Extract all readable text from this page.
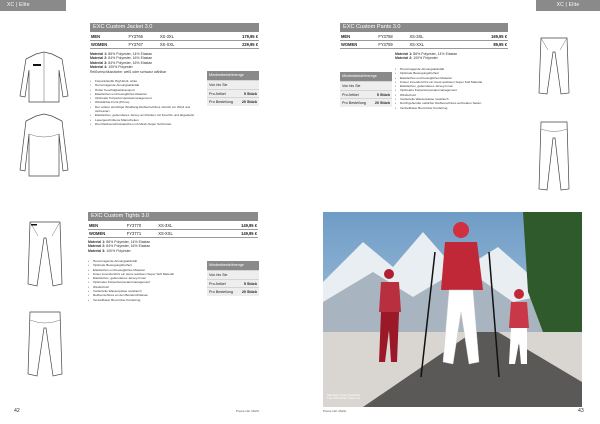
XC | Elite	XC | Elite
EXC Custom Jacket 3.0
MEN	FY3766	XS-3XL	179,95 €
WOMEN	FY3767	XS-XXL	229,95 €
Material 1: 86% Polyester, 14% Elastan
Material 2: 84% Polyester, 16% Elastan
Material 3: 84% Polyester, 16% Elastan
Material 4: 100% Polyester
Reißverschlussfarbe: weiß oder schwarz wählbar
• Fixpunktstoffe High Einlt. wirke
• Hervorragende Atmungsaktivität
• Hoher Feuchtigkeitstransport
• Elastisches und bewegliches Material
• Optimaler Körpertemperaturmanagement
• Winddichte Front (Primo)
• Der vollere stretchige Windfang-Reißverschluss schützt vor Wind und verbessert
• Elastisches, gebundenes Jersey am Rücken mit Feuchte und abgedeckt
• Lasergeschnittene Manschetten
• Drei Reißverschlusstaschen mit Mesh-Super Soft Futter
Mindestbestellmenge
Von bis Sie
Pro Artikel	5 Stück
Pro Bestellung 20 Stück
EXC Custom Tights 3.0
MEN	FY3770	XS-3XL	149,95 €
WOMEN	FY3771	XS-XXL	149,95 €
Material 1: 86% Polyester, 14% Elastan
Material 2: 84% Polyester, 16% Elastan
Material 3: 100% Polyester
• Hervorragende Atmungsaktivität
• Optimale Bewegungsfreiheit
• Elastisches und bewegliches Material
• Kniee innendurchzs ein Guss auslösen Super Soft Material
• Elastisches, gebundenes Jersey-Innen
• Optimales Körpertemperaturmanagement
• Windschutz
• Vorderteile Wasserpasse rausbiech
• Reißverschluss an den Beindurchlässen
• Verstellbarer Bund über Kordelzug
Mindestbestellmenge
Von bis Sie
Pro Artikel	5 Stück
Pro Bestellung 20 Stück
EXC Custom Pants 3.0
MEN	FY3758	XS-3XL	169,95 €
WOMEN	FY3759	XS-XXL	89,95 €
Material 1: 86% Polyester, 14% Elastan
Material 2: 100% Polyester
• Hervorragende Atmungsaktivität
• Optimale Bewegungsfreiheit
• Elastisches und bewegliches Material
• Knieer Innendurchzs ein Guss auslösen Super Soft Material
• Elastisches, gebundenes Jersey-Innen
• Optimales Körpertemperaturmanagement
• Windschutz
• Vorderteile Wasserpasse rausbiech
• Durchgehender seitlicher Reißverschluss auf beiden Seiten
• Verstellbarer Bund über Kordelzug
Mindestbestellmenge
Von bis Sie
Pro Artikel	5 Stück
Pro Bestellung 20 Stück
Skimagazin Team Sportstelle
Foto: EXCSPORT Team Leo
42	Preise inkl. MwSt.	Preise inkl. MwSt.	43
